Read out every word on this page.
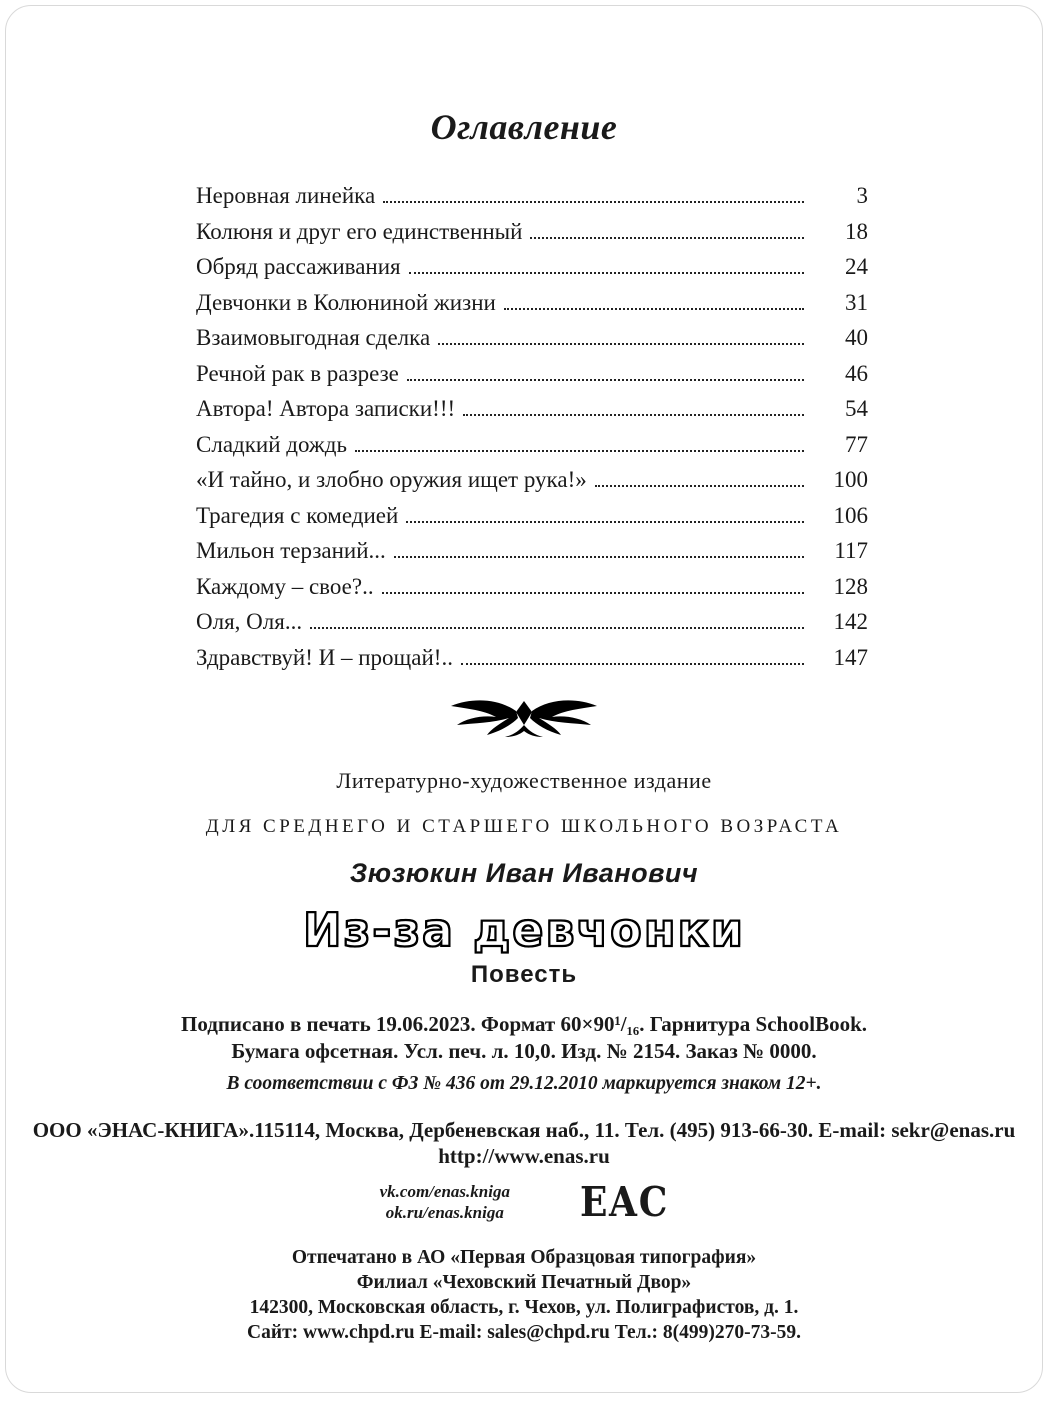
Оглавление
Неровная линейка	3
Колюня и друг его единственный	18
Обряд рассаживания	24
Девчонки в Колюниной жизни	31
Взаимовыгодная сделка	40
Речной рак в разрезе	46
Автора! Автора записки!!!	54
Сладкий дождь	77
«И тайно, и злобно оружия ищет рука!»	100
Трагедия с комедией	106
Мильон терзаний...	117
Каждому – свое?..	128
Оля, Оля...	142
Здравствуй! И – прощай!..	147
Литературно-художественное издание
ДЛЯ СРЕДНЕГО И СТАРШЕГО ШКОЛЬНОГО ВОЗРАСТА
Зюзюкин Иван Иванович
Из-за девчонки
Повесть
Подписано в печать 19.06.2023. Формат 60×90¹/₁₆. Гарнитура SchoolBook.
Бумага офсетная. Усл. печ. л. 10,0. Изд. № 2154. Заказ № 0000.
В соответствии с ФЗ № 436 от 29.12.2010 маркируется знаком 12+.
ООО «ЭНАС-КНИГА».115114, Москва, Дербеневская наб., 11. Тел. (495) 913-66-30. E-mail: sekr@enas.ru http://www.enas.ru
vk.com/enas.kniga
ok.ru/enas.kniga ЕАС
Отпечатано в АО «Первая Образцовая типография»
Филиал «Чеховский Печатный Двор»
142300, Московская область, г. Чехов, ул. Полиграфистов, д. 1.
Сайт: www.chpd.ru E-mail: sales@chpd.ru Тел.: 8(499)270-73-59.
